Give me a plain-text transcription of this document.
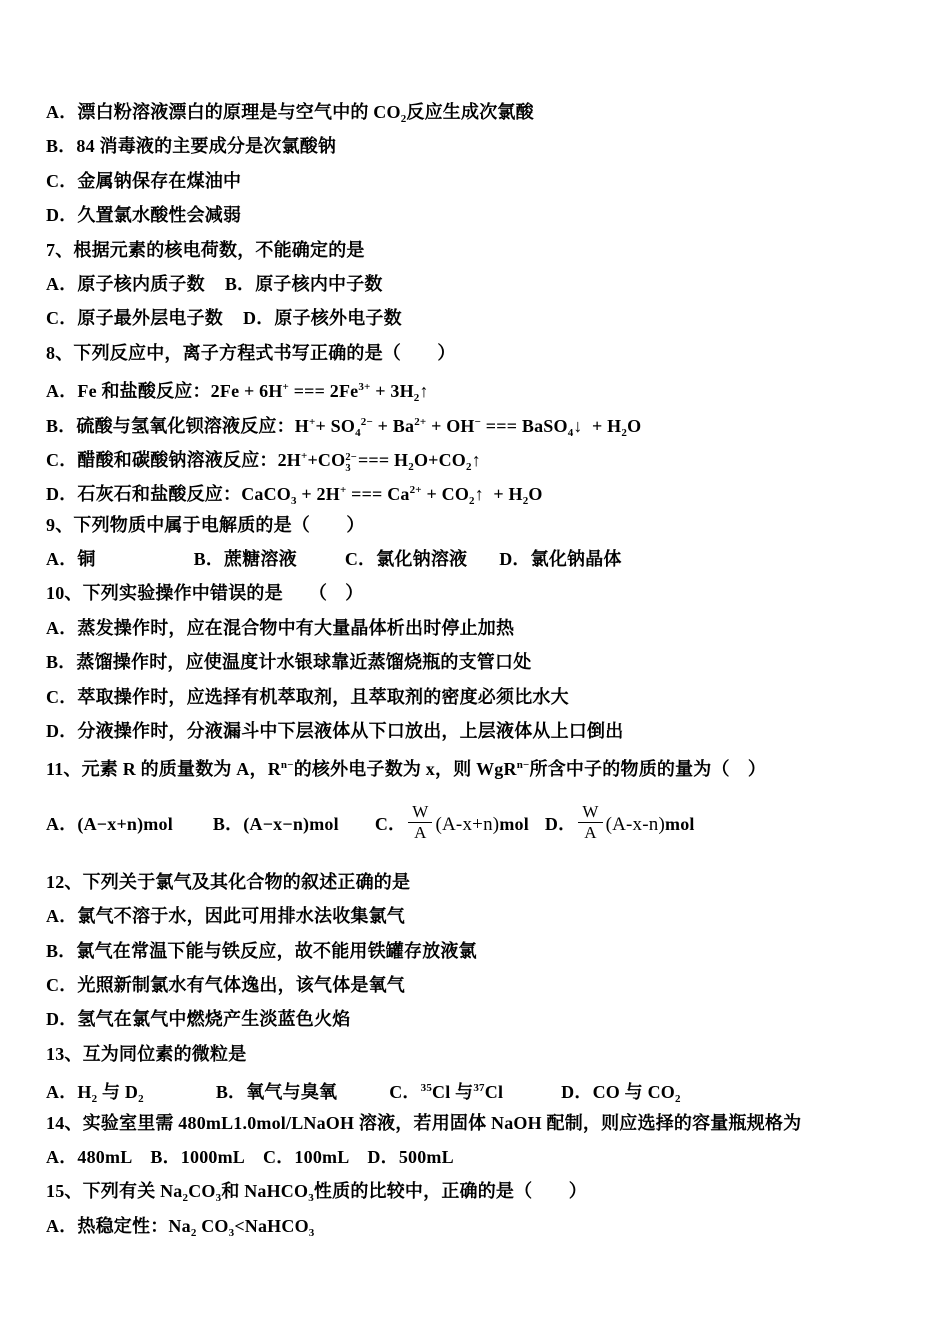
A．漂白粉溶液漂白的原理是与空气中的 $CO_2$反应生成次氯酸
B．84 消毒液的主要成分是次氯酸钠
C．金属钠保存在煤油中
D．久置氯水酸性会减弱
7、根据元素的核电荷数，不能确定的是
A．原子核内质子数 B．原子核内中子数
C．原子最外层电子数 D．原子核外电子数
8、下列反应中，离子方程式书写正确的是（　　）
A．Fe 和盐酸反应：2Fe + 6H+ === $2Fe^{3+}$ + $3H_2↑$
B．硫酸与氢氧化钡溶液反应：$H^++ SO_4^{2-} + Ba^{2+} + OH^-$ === BaSO$_4$↓  + $H_2O$
C．醋酸和碳酸钠溶液反应：2H++CO 2−
3 === $H_2O+CO_2↑$
D．石灰石和盐酸反应：CaCO$_3$ + 2H+ === $Ca^{2+}$ + $CO_2↑ + H_2O$
9、下列物质中属于电解质的是（　　）
A．铜	B．蔗糖溶液	C．氯化钠溶液 D．氯化钠晶体
10、下列实验操作中错误的是 （　）
A．蒸发操作时，应在混合物中有大量晶体析出时停止加热
B．蒸馏操作时，应使温度计水银球靠近蒸馏烧瓶的支管口处
C．萃取操作时，应选择有机萃取剂，且萃取剂的密度必须比水大
D．分液操作时，分液漏斗中下层液体从下口放出，上层液体从上口倒出
11、元素 R 的质量数为 A，$R^{n-}$的核外电子数为 x，则 WgR$^{n-}$所含中子的物质的量为（　）
A．(A−x+n)mol B．(A−x−n)mol C． $\frac{W}{A} (A-x+n)mol$ D． $\frac{W}{A} (A-x-n)mol$
12、下列关于氯气及其化合物的叙述正确的是
A．氯气不溶于水，因此可用排水法收集氯气
B．氯气在常温下能与铁反应，故不能用铁罐存放液氯
C．光照新制氯水有气体逸出，该气体是氧气
D．氢气在氯气中燃烧产生淡蓝色火焰
13、互为同位素的微粒是
A．$H_2$ 与 $D_2$	B．氧气与臭氧	C．$^{35}$Cl 与$^{37}$Cl	D．CO 与 $CO_2$
14、实验室里需 480mL1.0mol/LNaOH 溶液，若用固体 NaOH 配制，则应选择的容量瓶规格为
A．480mL B．1000mL C．100mL D．500mL
15、下列有关 $Na_2CO_3$和 NaHCO$_3$性质的比较中，正确的是（　　）
A．热稳定性：$Na_2$ $CO_3<NaHCO_3$
